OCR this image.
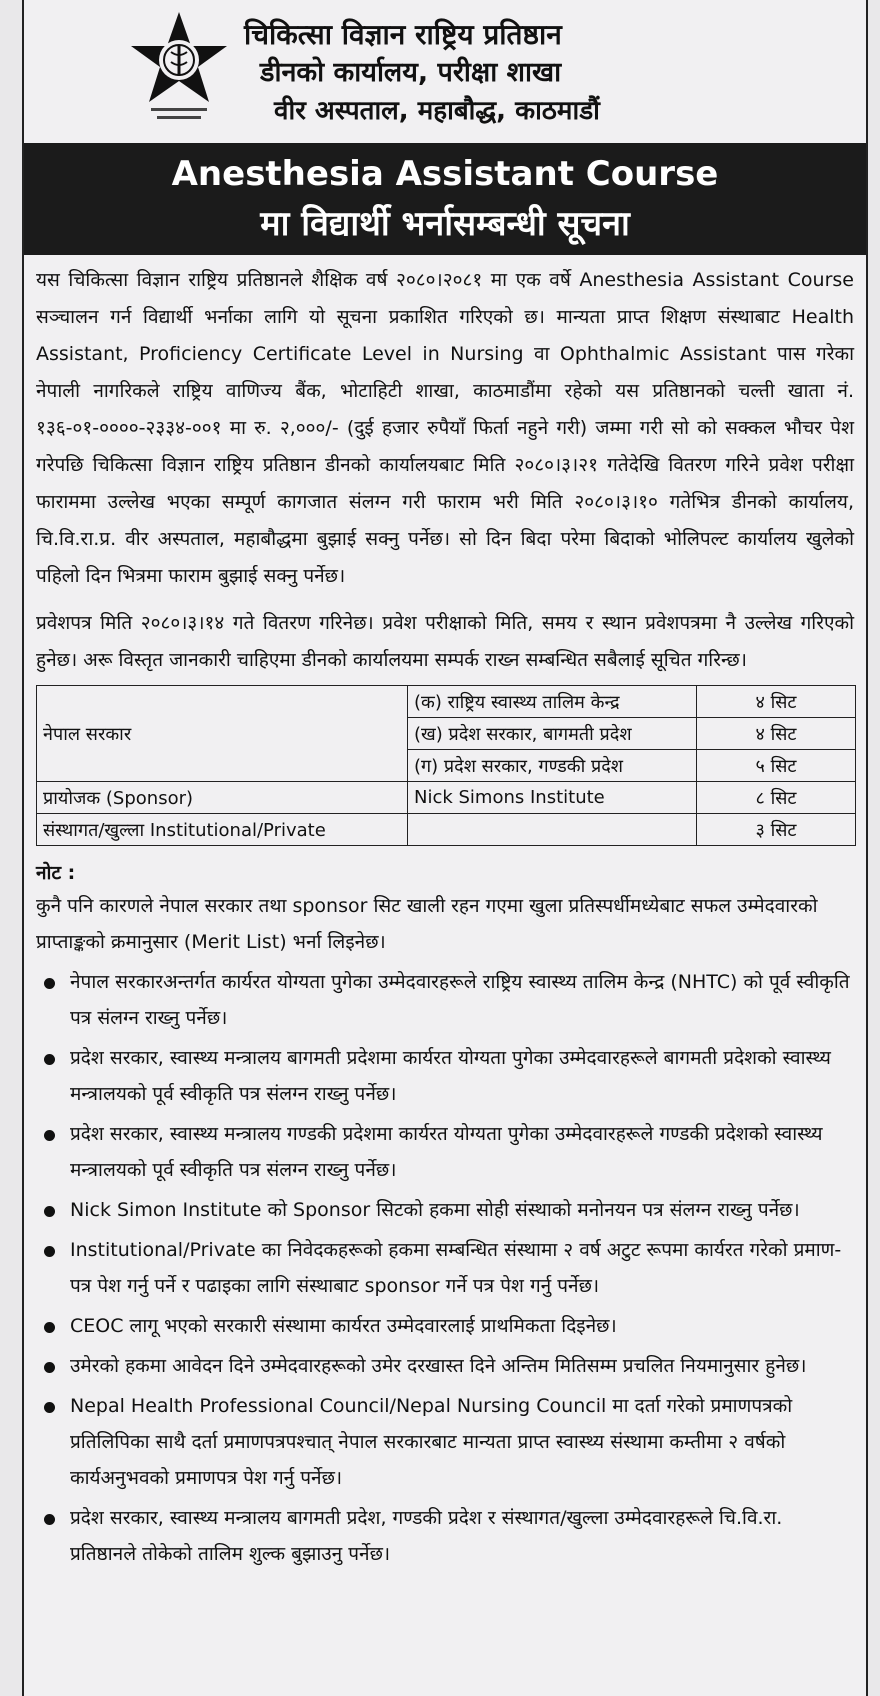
चिकित्सा विज्ञान राष्ट्रिय प्रतिष्ठान
डीनको कार्यालय, परीक्षा शाखा
वीर अस्पताल, महाबौद्ध, काठमाडौं
Anesthesia Assistant Course
मा विद्यार्थी भर्नासम्बन्धी सूचना

यस चिकित्सा विज्ञान राष्ट्रिय प्रतिष्ठानले शैक्षिक वर्ष २०८०।२०८१ मा एक वर्षे Anesthesia Assistant Course सञ्चालन गर्न विद्यार्थी भर्नाका लागि यो सूचना प्रकाशित गरिएको छ। मान्यता प्राप्त शिक्षण संस्थाबाट Health Assistant, Proficiency Certificate Level in Nursing वा Ophthalmic Assistant पास गरेका नेपाली नागरिकले राष्ट्रिय वाणिज्य बैंक, भोटाहिटी शाखा, काठमाडौंमा रहेको यस प्रतिष्ठानको चल्ती खाता नं. १३६-०१-००००-२३३४-००१ मा रु. २,०००/- (दुई हजार रुपैयाँ फिर्ता नहुने गरी) जम्मा गरी सो को सक्कल भौचर पेश गरेपछि चिकित्सा विज्ञान राष्ट्रिय प्रतिष्ठान डीनको कार्यालयबाट मिति २०८०।३।२१ गतेदेखि वितरण गरिने प्रवेश परीक्षा फाराममा उल्लेख भएका सम्पूर्ण कागजात संलग्न गरी फाराम भरी मिति २०८०।३।१० गतेभित्र डीनको कार्यालय, चि.वि.रा.प्र. वीर अस्पताल, महाबौद्धमा बुझाई सक्नु पर्नेछ। सो दिन बिदा परेमा बिदाको भोलिपल्ट कार्यालय खुलेको पहिलो दिन भित्रमा फाराम बुझाई सक्नु पर्नेछ।

प्रवेशपत्र मिति २०८०।३।१४ गते वितरण गरिनेछ। प्रवेश परीक्षाको मिति, समय र स्थान प्रवेशपत्रमा नै उल्लेख गरिएको हुनेछ। अरू विस्तृत जानकारी चाहिएमा डीनको कार्यालयमा सम्पर्क राख्न सम्बन्धित सबैलाई सूचित गरिन्छ।

नेपाल सरकार	(क) राष्ट्रिय स्वास्थ्य तालिम केन्द्र	४ सिट
	(ख) प्रदेश सरकार, बागमती प्रदेश	४ सिट
	(ग) प्रदेश सरकार, गण्डकी प्रदेश	५ सिट
प्रायोजक (Sponsor)	Nick Simons Institute	८ सिट
संस्थागत/खुल्ला Institutional/Private		३ सिट
नोट :

कुनै पनि कारणले नेपाल सरकार तथा sponsor सिट खाली रहन गएमा खुला प्रतिस्पर्धीमध्येबाट सफल उम्मेदवारको प्राप्ताङ्कको क्रमानुसार (Merit List) भर्ना लिइनेछ।

नेपाल सरकारअन्तर्गत कार्यरत योग्यता पुगेका उम्मेदवारहरूले राष्ट्रिय स्वास्थ्य तालिम केन्द्र (NHTC) को पूर्व स्वीकृति पत्र संलग्न राख्नु पर्नेछ।
प्रदेश सरकार, स्वास्थ्य मन्त्रालय बागमती प्रदेशमा कार्यरत योग्यता पुगेका उम्मेदवारहरूले बागमती प्रदेशको स्वास्थ्य मन्त्रालयको पूर्व स्वीकृति पत्र संलग्न राख्नु पर्नेछ।
प्रदेश सरकार, स्वास्थ्य मन्त्रालय गण्डकी प्रदेशमा कार्यरत योग्यता पुगेका उम्मेदवारहरूले गण्डकी प्रदेशको स्वास्थ्य मन्त्रालयको पूर्व स्वीकृति पत्र संलग्न राख्नु पर्नेछ।
Nick Simon Institute को Sponsor सिटको हकमा सोही संस्थाको मनोनयन पत्र संलग्न राख्नु पर्नेछ।
Institutional/Private का निवेदकहरूको हकमा सम्बन्धित संस्थामा २ वर्ष अटुट रूपमा कार्यरत गरेको प्रमाण-पत्र पेश गर्नु पर्ने र पढाइका लागि संस्थाबाट sponsor गर्ने पत्र पेश गर्नु पर्नेछ।
CEOC लागू भएको सरकारी संस्थामा कार्यरत उम्मेदवारलाई प्राथमिकता दिइनेछ।
उमेरको हकमा आवेदन दिने उम्मेदवारहरूको उमेर दरखास्त दिने अन्तिम मितिसम्म प्रचलित नियमानुसार हुनेछ।
Nepal Health Professional Council/Nepal Nursing Council मा दर्ता गरेको प्रमाणपत्रको प्रतिलिपिका साथै दर्ता प्रमाणपत्रपश्चात् नेपाल सरकारबाट मान्यता प्राप्त स्वास्थ्य संस्थामा कम्तीमा २ वर्षको कार्यअनुभवको प्रमाणपत्र पेश गर्नु पर्नेछ।
प्रदेश सरकार, स्वास्थ्य मन्त्रालय बागमती प्रदेश, गण्डकी प्रदेश र संस्थागत/खुल्ला उम्मेदवारहरूले चि.वि.रा. प्रतिष्ठानले तोकेको तालिम शुल्क बुझाउनु पर्नेछ।
